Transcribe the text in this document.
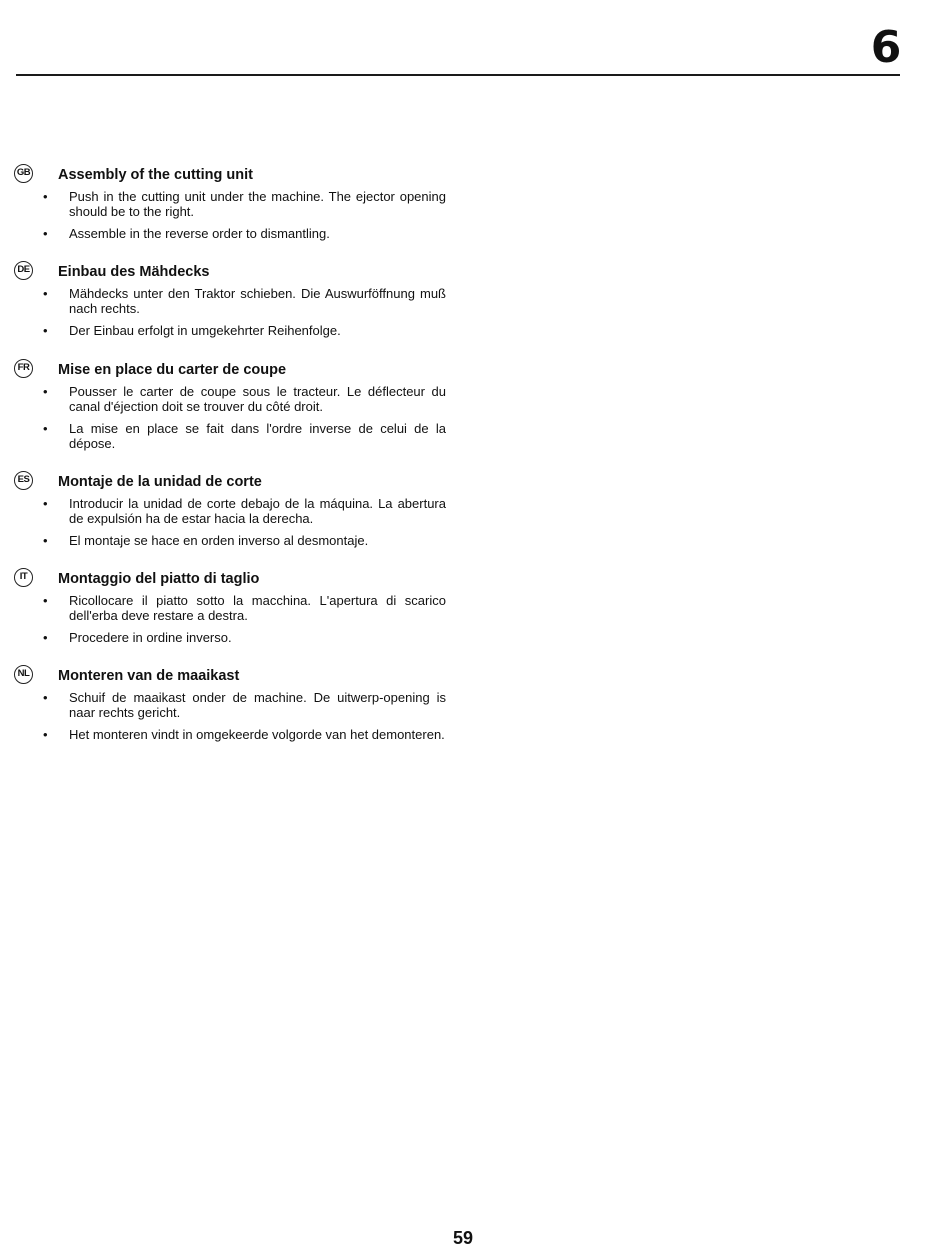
6
GB Assembly of the cutting unit
• Push in the cutting unit under the machine. The ejector opening should be to the right.
• Assemble in the reverse order to dismantling.
DE Einbau des Mähdecks
• Mähdecks unter den Traktor schieben. Die Auswurföffnung muß nach rechts.
• Der Einbau erfolgt in umgekehrter Reihenfolge.
FR Mise en place du carter de coupe
• Pousser le carter de coupe sous le tracteur. Le déflecteur du canal d'éjection doit se trouver du côté droit.
• La mise en place se fait dans l'ordre inverse de celui de la dépose.
ES Montaje de la unidad de corte
• Introducir la unidad de corte debajo de la máquina. La abertura de expulsión ha de estar hacia la derecha.
• El montaje se hace en orden inverso al desmontaje.
IT	Montaggio del piatto di taglio
• Ricollocare il piatto sotto la macchina. L'apertura di scarico dell'erba deve restare a destra.
• Procedere in ordine inverso.
NL Monteren van de maaikast
• Schuif de maaikast onder de machine. De uitwerp-opening is naar rechts gericht.
• Het monteren vindt in omgekeerde volgorde van het demonteren.
59
